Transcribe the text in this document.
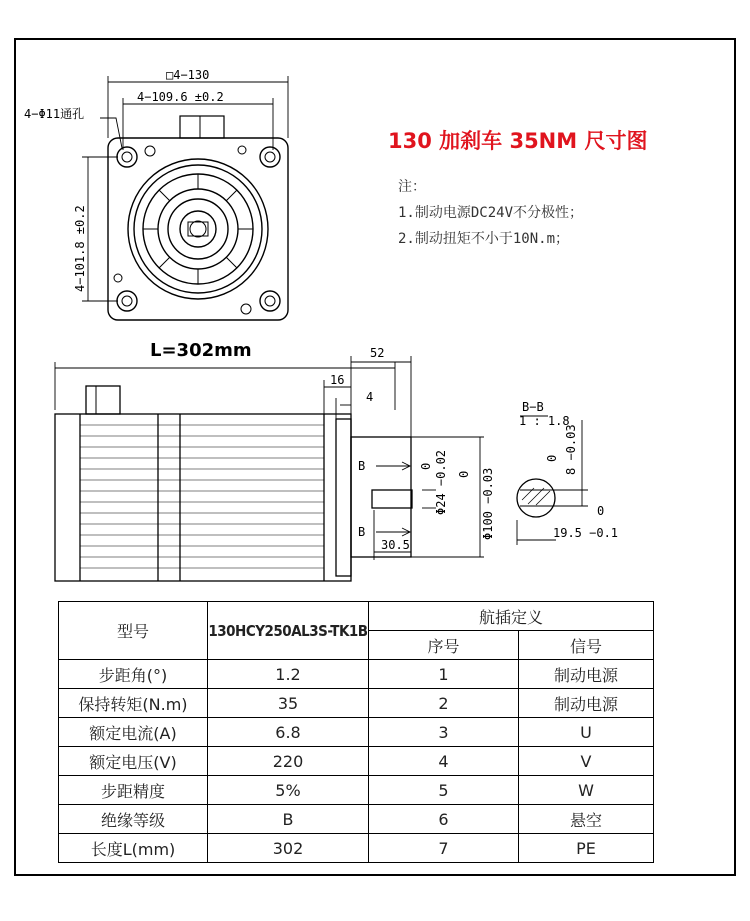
□4−130
4−109.6 ±0.2
4−Φ11通孔
4−101.8 ±0.2
52
16
4
30.5
B
B
Φ24 −0.02
0
Φ100 −0.03
0
B−B
1 : 1.8
8 −0.03
0
19.5 −0.1
0
130 加刹车 35NM 尺寸图
注：
1.制动电源DC24V不分极性；
2.制动扭矩不小于10N.m；
L=302mm
型号	130HCY250AL3S-TK1B	航插定义	
		序号	信号
步距角(°)	1.2	1	制动电源
保持转矩(N.m)	35	2	制动电源
额定电流(A)	6.8	3	U
额定电压(V)	220	4	V
步距精度	5%	5	W
绝缘等级	B	6	悬空
长度L(mm)	302	7	PE
